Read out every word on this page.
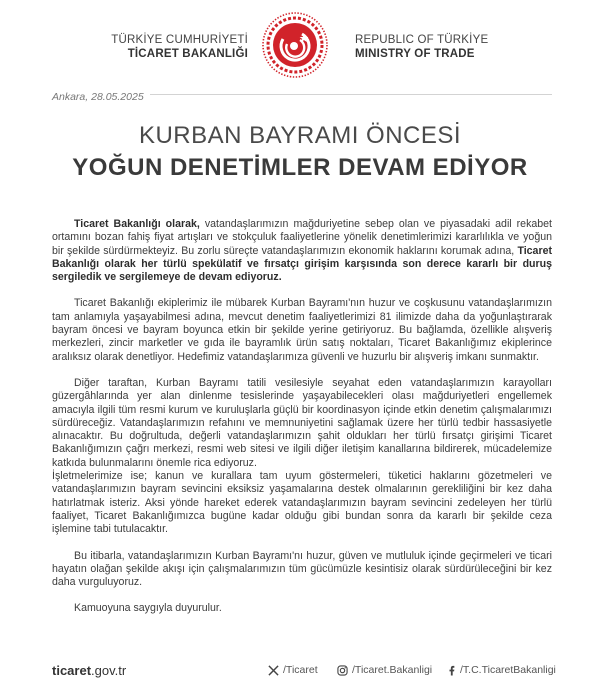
TÜRKİYE CUMHURİYETİ
TİCARET BAKANLIĞI
REPUBLIC OF TÜRKİYE
MINISTRY OF TRADE
Ankara, 28.05.2025
KURBAN BAYRAMI ÖNCESİ
YOĞUN DENETİMLER DEVAM EDİYOR

Ticaret Bakanlığı olarak, vatandaşlarımızın mağduriyetine sebep olan ve piyasadaki adil rekabet ortamını bozan fahiş fiyat artışları ve stokçuluk faaliyetlerine yönelik denetimlerimizi kararlılıkla ve yoğun bir şekilde sürdürmekteyiz. Bu zorlu süreçte vatandaşlarımızın ekonomik haklarını korumak adına, Ticaret Bakanlığı olarak her türlü spekülatif ve fırsatçı girişim karşısında son derece kararlı bir duruş sergiledik ve sergilemeye de devam ediyoruz.

Ticaret Bakanlığı ekiplerimiz ile mübarek Kurban Bayramı'nın huzur ve coşkusunu vatandaşlarımızın tam anlamıyla yaşayabilmesi adına, mevcut denetim faaliyetlerimizi 81 ilimizde daha da yoğunlaştırarak bayram öncesi ve bayram boyunca etkin bir şekilde yerine getiriyoruz. Bu bağlamda, özellikle alışveriş merkezleri, zincir marketler ve gıda ile bayramlık ürün satış noktaları, Ticaret Bakanlığımız ekiplerince aralıksız olarak denetliyor. Hedefimiz vatandaşlarımıza güvenli ve huzurlu bir alışveriş imkanı sunmaktır.

Diğer taraftan, Kurban Bayramı tatili vesilesiyle seyahat eden vatandaşlarımızın karayolları güzergâhlarında yer alan dinlenme tesislerinde yaşayabilecekleri olası mağduriyetleri engellemek amacıyla ilgili tüm resmi kurum ve kuruluşlarla güçlü bir koordinasyon içinde etkin denetim çalışmalarımızı sürdüreceğiz. Vatandaşlarımızın refahını ve memnuniyetini sağlamak üzere her türlü tedbir hassasiyetle alınacaktır. Bu doğrultuda, değerli vatandaşlarımızın şahit oldukları her türlü fırsatçı girişimi Ticaret Bakanlığımızın çağrı merkezi, resmi web sitesi ve ilgili diğer iletişim kanallarına bildirerek, mücadelemize katkıda bulunmalarını önemle rica ediyoruz.

İşletmelerimize ise; kanun ve kurallara tam uyum göstermeleri, tüketici haklarını gözetmeleri ve vatandaşlarımızın bayram sevincini eksiksiz yaşamalarına destek olmalarının gerekliliğini bir kez daha hatırlatmak isteriz. Aksi yönde hareket ederek vatandaşlarımızın bayram sevincini zedeleyen her türlü faaliyet, Ticaret Bakanlığımızca bugüne kadar olduğu gibi bundan sonra da kararlı bir şekilde ceza işlemine tabi tutulacaktır.

Bu itibarla, vatandaşlarımızın Kurban Bayramı'nı huzur, güven ve mutluluk içinde geçirmeleri ve ticari hayatın olağan şekilde akışı için çalışmalarımızın tüm gücümüzle kesintisiz olarak sürdürüleceğini bir kez daha vurguluyoruz.

Kamuoyuna saygıyla duyurulur.

ticaret.gov.tr	/Ticaret	/Ticaret.Bakanligi	/T.C.TicaretBakanligi
